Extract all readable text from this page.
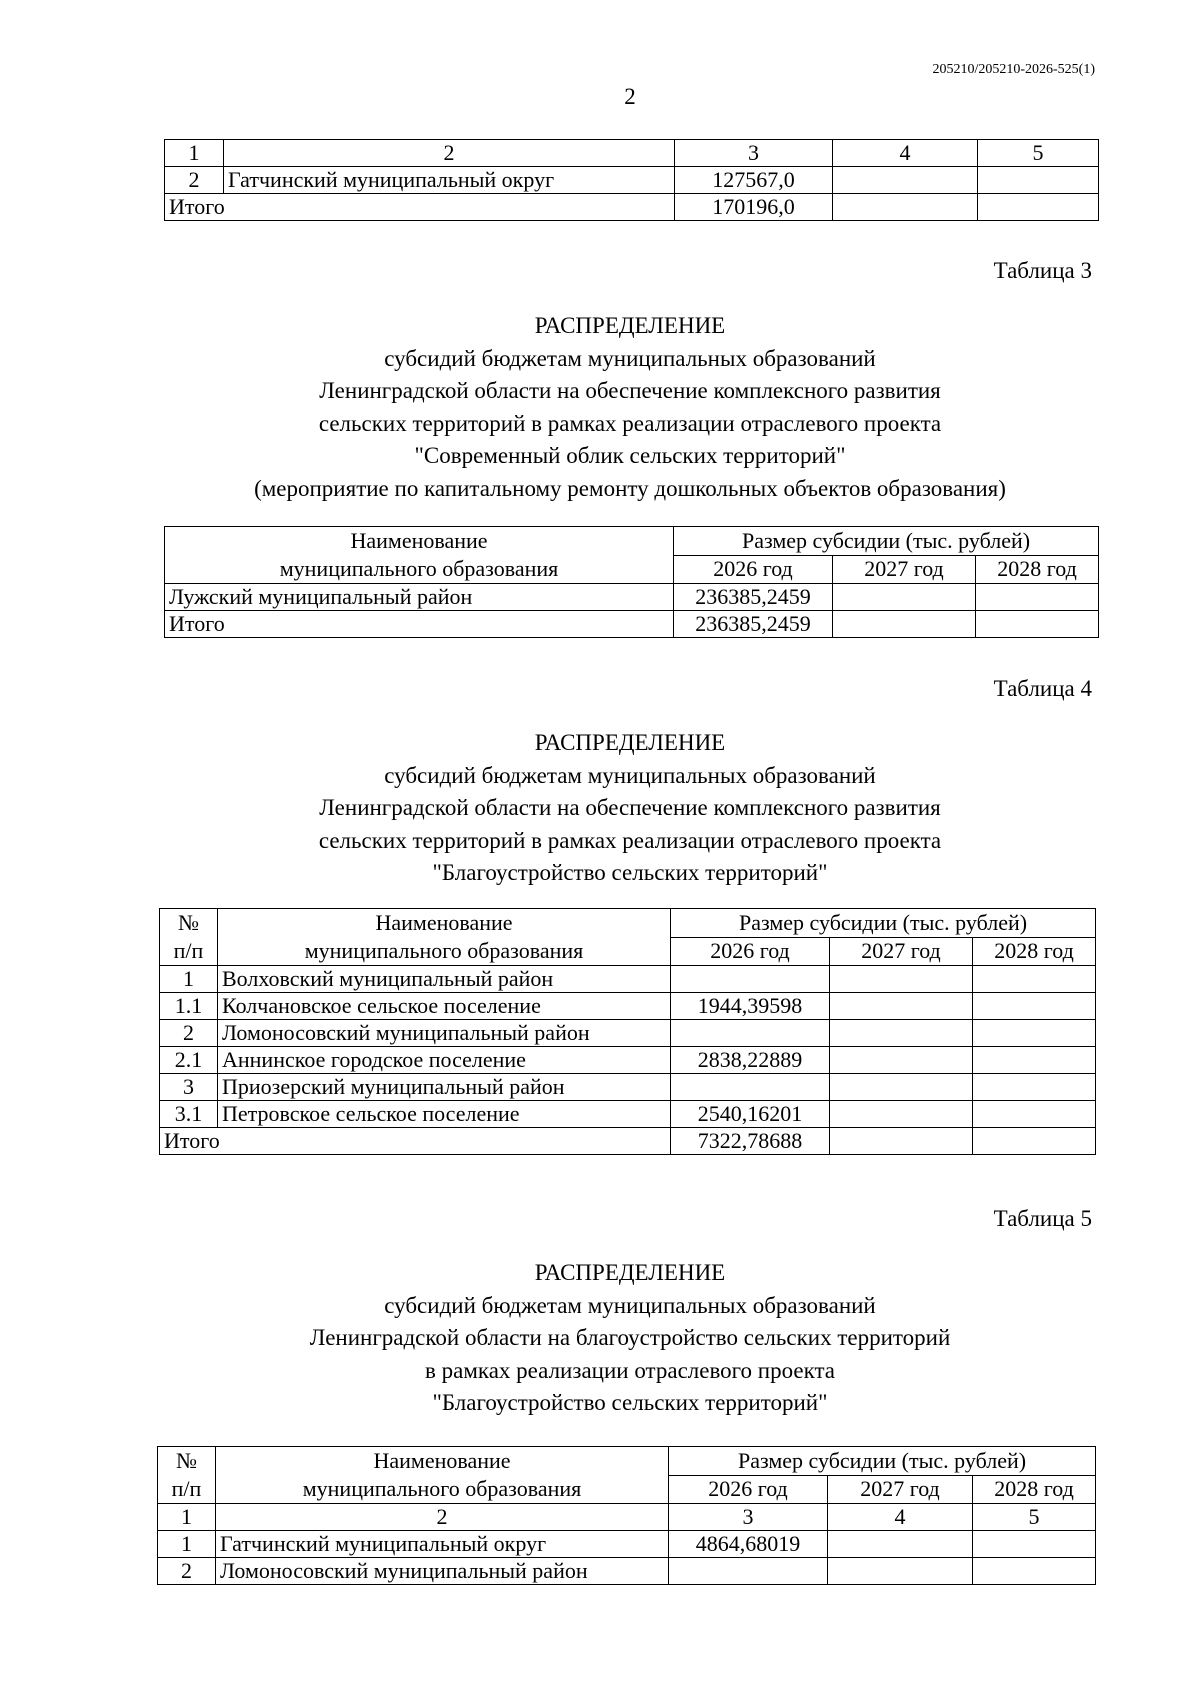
205210/205210-2026-525(1)
2
1	2	3	4	5
2	Гатчинский муниципальный округ	127567,0		
Итого		170196,0		
Таблица 3
РАСПРЕДЕЛЕНИЕ
субсидий бюджетам муниципальных образований
Ленинградской области на обеспечение комплексного развития
сельских территорий в рамках реализации отраслевого проекта
"Современный облик сельских территорий"
(мероприятие по капитальному ремонту дошкольных объектов образования)
Наименование
муниципального образования	Размер субсидии (тыс. рублей)		
	2026 год	2027 год	2028 год
Лужский муниципальный район	236385,2459		
Итого	236385,2459		
Таблица 4
РАСПРЕДЕЛЕНИЕ
субсидий бюджетам муниципальных образований
Ленинградской области на обеспечение комплексного развития
сельских территорий в рамках реализации отраслевого проекта
"Благоустройство сельских территорий"
№
п/п	Наименование
муниципального образования	Размер субсидии (тыс. рублей)		
		2026 год	2027 год	2028 год
1	Волховский муниципальный район			
1.1	Колчановское сельское поселение	1944,39598		
2	Ломоносовский муниципальный район			
2.1	Аннинское городское поселение	2838,22889		
3	Приозерский муниципальный район			
3.1	Петровское сельское поселение	2540,16201		
Итого		7322,78688		
Таблица 5
РАСПРЕДЕЛЕНИЕ
субсидий бюджетам муниципальных образований
Ленинградской области на благоустройство сельских территорий
в рамках реализации отраслевого проекта
"Благоустройство сельских территорий"
№
п/п	Наименование
муниципального образования	Размер субсидии (тыс. рублей)		
		2026 год	2027 год	2028 год
1	2	3	4	5
1	Гатчинский муниципальный округ	4864,68019		
2	Ломоносовский муниципальный район			
